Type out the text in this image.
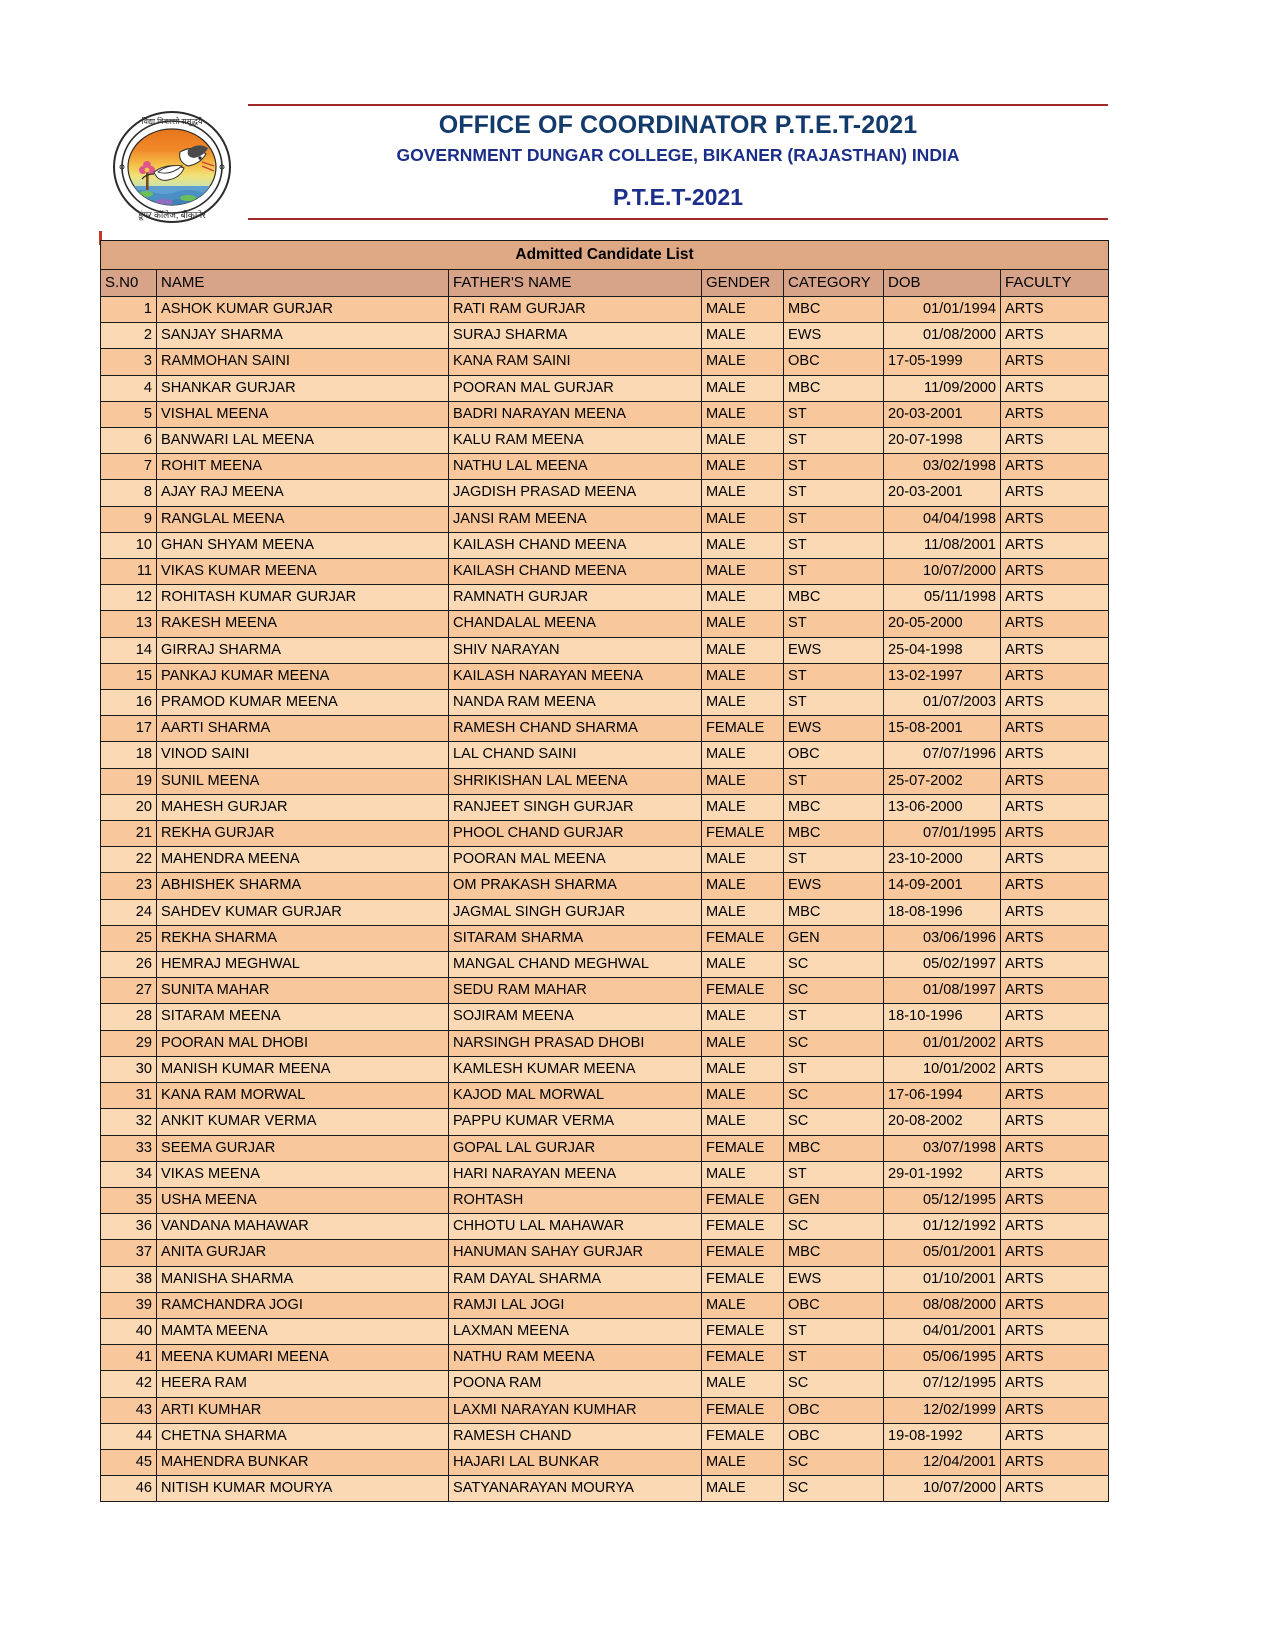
विद्या विकासो समृद्धये
डूंगर कॉलेज, बीकानेर
OFFICE OF COORDINATOR P.T.E.T-2021
GOVERNMENT DUNGAR COLLEGE, BIKANER (RAJASTHAN) INDIA
P.T.E.T-2021
Admitted Candidate List						
S.N0	NAME	FATHER'S NAME	GENDER	CATEGORY	DOB	FACULTY
1	ASHOK KUMAR GURJAR	RATI RAM GURJAR	MALE	MBC	01/01/1994	ARTS
2	SANJAY SHARMA	SURAJ SHARMA	MALE	EWS	01/08/2000	ARTS
3	RAMMOHAN SAINI	KANA RAM SAINI	MALE	OBC	17-05-1999	ARTS
4	SHANKAR GURJAR	POORAN MAL GURJAR	MALE	MBC	11/09/2000	ARTS
5	VISHAL MEENA	BADRI NARAYAN MEENA	MALE	ST	20-03-2001	ARTS
6	BANWARI LAL MEENA	KALU RAM MEENA	MALE	ST	20-07-1998	ARTS
7	ROHIT MEENA	NATHU LAL MEENA	MALE	ST	03/02/1998	ARTS
8	AJAY RAJ MEENA	JAGDISH PRASAD MEENA	MALE	ST	20-03-2001	ARTS
9	RANGLAL MEENA	JANSI RAM MEENA	MALE	ST	04/04/1998	ARTS
10	GHAN SHYAM MEENA	KAILASH CHAND MEENA	MALE	ST	11/08/2001	ARTS
11	VIKAS KUMAR MEENA	KAILASH CHAND MEENA	MALE	ST	10/07/2000	ARTS
12	ROHITASH KUMAR GURJAR	RAMNATH GURJAR	MALE	MBC	05/11/1998	ARTS
13	RAKESH MEENA	CHANDALAL MEENA	MALE	ST	20-05-2000	ARTS
14	GIRRAJ SHARMA	SHIV NARAYAN	MALE	EWS	25-04-1998	ARTS
15	PANKAJ KUMAR MEENA	KAILASH NARAYAN MEENA	MALE	ST	13-02-1997	ARTS
16	PRAMOD KUMAR MEENA	NANDA RAM MEENA	MALE	ST	01/07/2003	ARTS
17	AARTI SHARMA	RAMESH CHAND SHARMA	FEMALE	EWS	15-08-2001	ARTS
18	VINOD SAINI	LAL CHAND SAINI	MALE	OBC	07/07/1996	ARTS
19	SUNIL MEENA	SHRIKISHAN LAL MEENA	MALE	ST	25-07-2002	ARTS
20	MAHESH GURJAR	RANJEET SINGH GURJAR	MALE	MBC	13-06-2000	ARTS
21	REKHA GURJAR	PHOOL CHAND GURJAR	FEMALE	MBC	07/01/1995	ARTS
22	MAHENDRA MEENA	POORAN MAL MEENA	MALE	ST	23-10-2000	ARTS
23	ABHISHEK SHARMA	OM PRAKASH SHARMA	MALE	EWS	14-09-2001	ARTS
24	SAHDEV KUMAR GURJAR	JAGMAL SINGH GURJAR	MALE	MBC	18-08-1996	ARTS
25	REKHA SHARMA	SITARAM SHARMA	FEMALE	GEN	03/06/1996	ARTS
26	HEMRAJ MEGHWAL	MANGAL CHAND MEGHWAL	MALE	SC	05/02/1997	ARTS
27	SUNITA MAHAR	SEDU RAM MAHAR	FEMALE	SC	01/08/1997	ARTS
28	SITARAM MEENA	SOJIRAM MEENA	MALE	ST	18-10-1996	ARTS
29	POORAN MAL DHOBI	NARSINGH PRASAD DHOBI	MALE	SC	01/01/2002	ARTS
30	MANISH KUMAR MEENA	KAMLESH KUMAR MEENA	MALE	ST	10/01/2002	ARTS
31	KANA RAM MORWAL	KAJOD MAL MORWAL	MALE	SC	17-06-1994	ARTS
32	ANKIT KUMAR VERMA	PAPPU KUMAR VERMA	MALE	SC	20-08-2002	ARTS
33	SEEMA GURJAR	GOPAL LAL GURJAR	FEMALE	MBC	03/07/1998	ARTS
34	VIKAS MEENA	HARI NARAYAN MEENA	MALE	ST	29-01-1992	ARTS
35	USHA MEENA	ROHTASH	FEMALE	GEN	05/12/1995	ARTS
36	VANDANA MAHAWAR	CHHOTU LAL MAHAWAR	FEMALE	SC	01/12/1992	ARTS
37	ANITA GURJAR	HANUMAN SAHAY GURJAR	FEMALE	MBC	05/01/2001	ARTS
38	MANISHA SHARMA	RAM DAYAL SHARMA	FEMALE	EWS	01/10/2001	ARTS
39	RAMCHANDRA JOGI	RAMJI LAL JOGI	MALE	OBC	08/08/2000	ARTS
40	MAMTA MEENA	LAXMAN MEENA	FEMALE	ST	04/01/2001	ARTS
41	MEENA KUMARI MEENA	NATHU RAM MEENA	FEMALE	ST	05/06/1995	ARTS
42	HEERA RAM	POONA RAM	MALE	SC	07/12/1995	ARTS
43	ARTI KUMHAR	LAXMI NARAYAN KUMHAR	FEMALE	OBC	12/02/1999	ARTS
44	CHETNA SHARMA	RAMESH CHAND	FEMALE	OBC	19-08-1992	ARTS
45	MAHENDRA BUNKAR	HAJARI LAL BUNKAR	MALE	SC	12/04/2001	ARTS
46	NITISH KUMAR MOURYA	SATYANARAYAN MOURYA	MALE	SC	10/07/2000	ARTS
